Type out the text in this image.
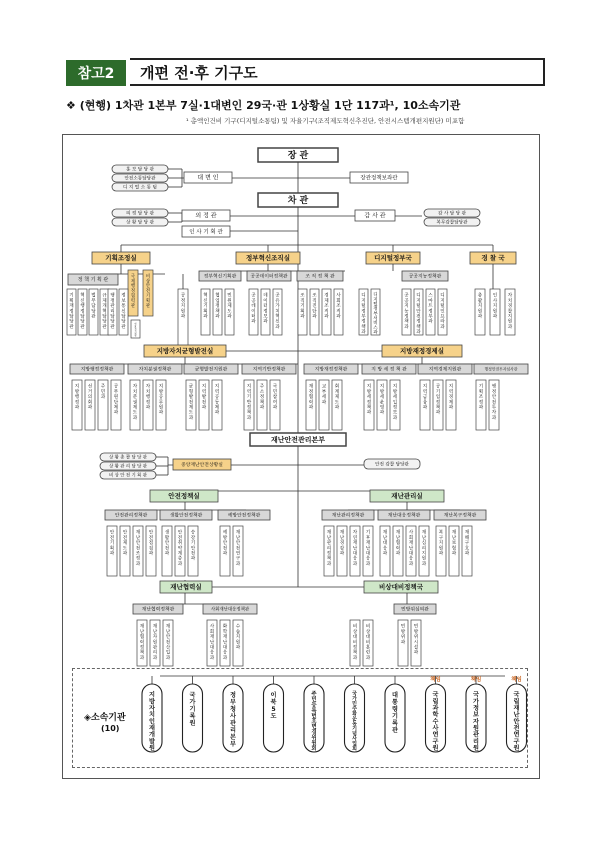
참고2	개편 전·후 기구도
❖ (현행) 1차관 1본부 7실·1대변인 29국·관 1상황실 1단 117과¹, 10소속기관
¹ 총액인건비 기구(디지털소통팀) 및 자율기구(조직제도혁신추진단, 안전시스템개편지원단) 미포함
◈소속기관
(10)
장 관
홍 보 담 당 관
안전소통담당관
디 지 털 소 통 팀
대 변 인	장관정책보좌관
차 관
의 정 담 당 관
상 황 담 당 관
의 정 관
인 사 기 획 관
감 사 관	감 사 담 당 관
복무감찰담당관
기획조정실	정부혁신조직실	디지털정부국	경 찰 국
정 책 기 획 관
국
제
행
정
협
력
관
비
상
안
전
기
획
관
기
획
재
정
담
당
관
혁
신
행
정
담
당
관
법
무
담
당
관
규
제
개
혁
담
당
관
행
정
관
리
담
당
관
정
보
통
신
담
당
관
비
상
안
전
기
획
팀
공
정
지
원
과
정부혁신기획관	공공데이터정책관	조 직 정 책 관
혁
신
기
획
과
협
업
정
책
과
민
원
제
도
과
공
공
데
이
터
과
데
이
터
정
보
과
공
유
가
치
혁
신
과
조
직
기
획
과
조
직
진
단
과
경
제
조
직
과
사
회
조
직
과
공공지능정책관
디
지
털
정
부
정
책
과
디
지
털
정
부
서
비
스
과
공
공
지
능
정
책
과
디
지
털
안
전
정
책
과
스
마
트
정
부
과
디
지
털
인
프
라
과
총
괄
지
원
과
인
사
지
원
과
자
치
경
찰
지
원
과
지방자치균형발전실	지방재정경제실
지방행정정책관	자치분권정책관	균형발전지원관	지역기반정책관	지방재정정책관	지 방 세 정 책 관	지역경제지원관	행정안전투자심사관
지
방
행
정
과
선
거
의
회
과
주
민
과
공
무
원
단
체
과
자
치
분
권
제
도
과
자
치
행
정
과
지
방
공
무
원
과
균
형
발
전
제
도
과
지
역
발
전
과
지
역
공
동
체
과
지
역
기
반
정
책
과
주
소
정
책
과
국
민
참
여
과
재
정
협
력
과
교
부
세
과
회
계
제
도
과
지
방
세
정
책
과
지
방
세
운
영
과
지
방
세
입
정
보
과
지
역
금
융
과
공
기
업
정
책
과
지
역
경
제
과
기
획
조
정
과
행
정
안
전
투
자
과
재난안전관리본부
상 황 총 괄 담 당 관
상 황 관 리 담 당 관
비 상 안 전 기 획 관
중앙재난안전상황실	안전 감찰 담당관
안전정책실	재난관리실
안전관리정책관	생활안전정책관	예방안전정책관	재난관리정책관	재난대응정책관	재난복구정책관
안
전
기
획
과
안
전
제
도
과
재
난
안
전
조
정
과
안
전
점
검
과
생
활
안
전
과
안
전
취
약
계
층
과
승
강
기
안
전
과
예
방
안
전
과
재
난
안
전
연
구
과
재
난
관
리
정
책
과
재
난
경
감
과
자
연
재
난
대
응
과
기
후
재
난
대
응
과
재
난
대
응
과
재
난
협
력
과
사
회
재
난
대
응
과
재
난
심
리
지
원
과
복
구
지
원
과
재
난
보
험
과
재
해
구
호
과
재난협력실	비상대비정책국
재난협력정책관	사회재난대응정책관	민방위심의관
재
난
협
력
정
책
과
재
난
자
원
관
리
과
재
난
안
전
산
업
과
사
회
재
난
대
응
과
화
학
재
난
대
응
과
수
습
지
원
과
비
상
대
비
정
책
과
비
상
대
비
훈
련
과
민
방
위
과
민
방
위
시
설
과
지
방
자
치
인
재
개
발
원
국
가
기
록
원
정
부
청
사
관
리
본
부
이
북
5
도
주
민
등
록
번
호
변
경
위
원
회
국
가
민
주
화
운
동
기
념
사
업
회
대
통
령
기
록
관
국
립
과
학
수
사
연
구
원
책임
국
가
정
보
자
원
관
리
원
책임
국
립
재
난
안
전
연
구
원
책임
